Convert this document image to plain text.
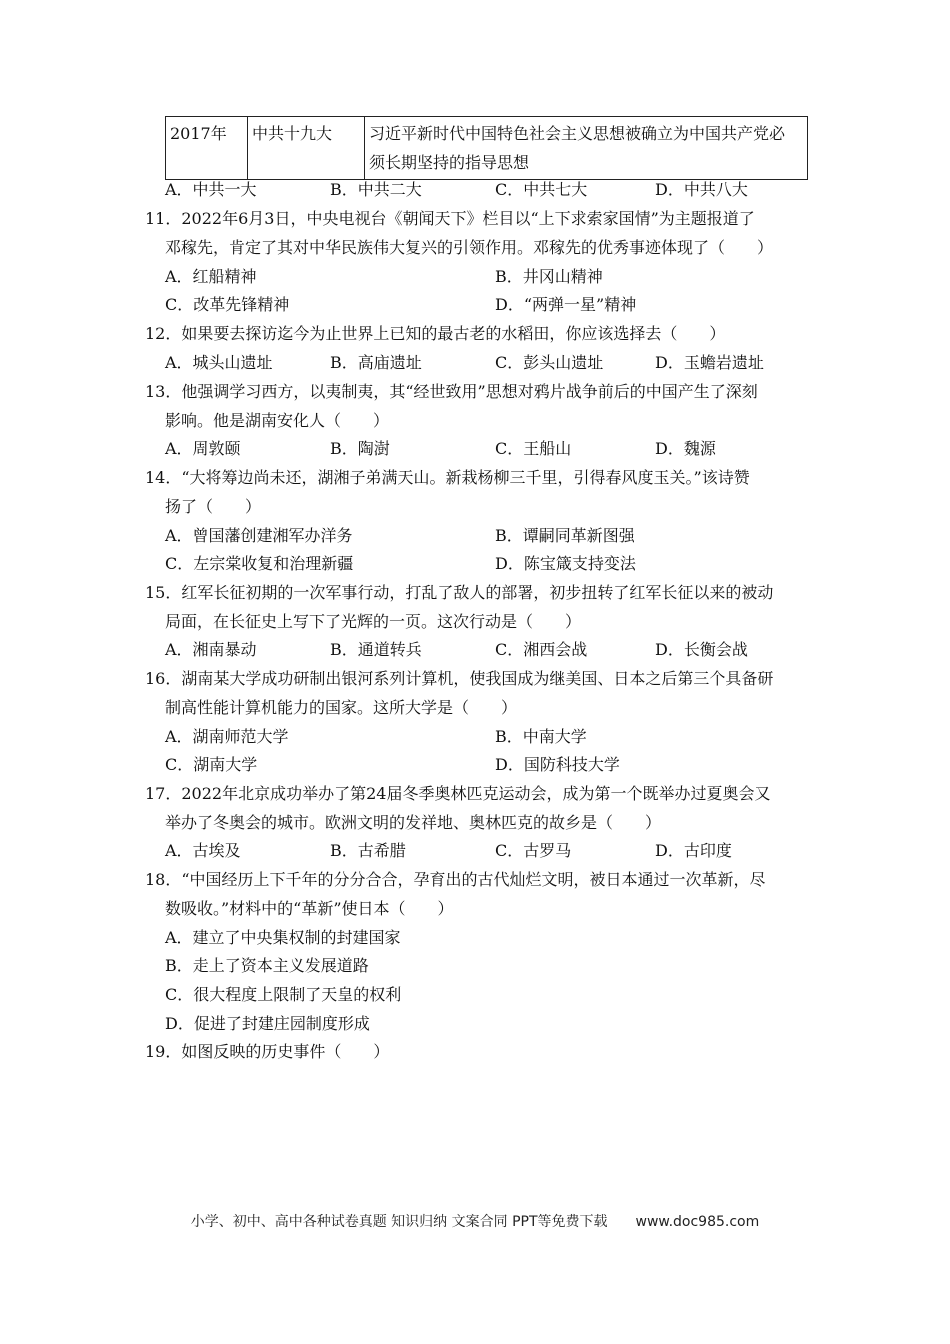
2017年	中共十九大	习近平新时代中国特色社会主义思想被确立为中国共产党必
须长期坚持的指导思想
A．中共一大	B．中共二大	C．中共七大	D．中共八大
11．2022年6月3日，中央电视台《朝闻天下》栏目以“上下求索家国情”为主题报道了
邓稼先，肯定了其对中华民族伟大复兴的引领作用。邓稼先的优秀事迹体现了（　　）
A．红船精神	B．井冈山精神
C．改革先锋精神	D．“两弹一星”精神
12．如果要去探访迄今为止世界上已知的最古老的水稻田，你应该选择去（　　）
A．城头山遗址	B．高庙遗址	C．彭头山遗址	D．玉蟾岩遗址
13．他强调学习西方，以夷制夷，其“经世致用”思想对鸦片战争前后的中国产生了深刻
影响。他是湖南安化人（　　）
A．周敦颐	B．陶澍	C．王船山	D．魏源
14．“大将筹边尚未还，湖湘子弟满天山。新栽杨柳三千里，引得春风度玉关。”该诗赞
扬了（　　）
A．曾国藩创建湘军办洋务	B．谭嗣同革新图强
C．左宗棠收复和治理新疆	D．陈宝箴支持变法
15．红军长征初期的一次军事行动，打乱了敌人的部署，初步扭转了红军长征以来的被动
局面，在长征史上写下了光辉的一页。这次行动是（　　）
A．湘南暴动	B．通道转兵	C．湘西会战	D．长衡会战
16．湖南某大学成功研制出银河系列计算机，使我国成为继美国、日本之后第三个具备研
制高性能计算机能力的国家。这所大学是（　　）
A．湖南师范大学	B．中南大学
C．湖南大学	D．国防科技大学
17．2022年北京成功举办了第24届冬季奥林匹克运动会，成为第一个既举办过夏奥会又
举办了冬奥会的城市。欧洲文明的发祥地、奥林匹克的故乡是（　　）
A．古埃及	B．古希腊	C．古罗马	D．古印度
18．“中国经历上下千年的分分合合，孕育出的古代灿烂文明，被日本通过一次革新，尽
数吸收。”材料中的“革新”使日本（　　）
A．建立了中央集权制的封建国家
B．走上了资本主义发展道路
C．很大程度上限制了天皇的权利
D．促进了封建庄园制度形成
19．如图反映的历史事件（　　）
小学、初中、高中各种试卷真题 知识归纳 文案合同 PPT等免费下载 www.doc985.com
